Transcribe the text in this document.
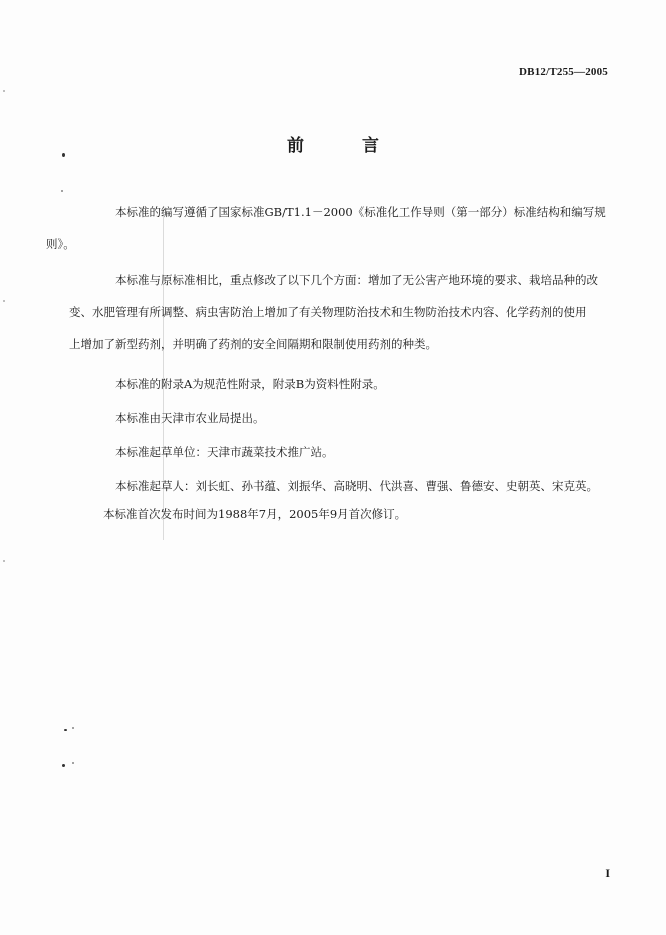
DB12/T255—2005
前 言

本标准的编写遵循了国家标准GB/T1.1－2000《标准化工作导则（第一部分）标准结构和编写规

则》。

本标准与原标准相比，重点修改了以下几个方面：增加了无公害产地环境的要求、栽培品种的改

变、水肥管理有所调整、病虫害防治上增加了有关物理防治技术和生物防治技术内容、化学药剂的使用

上增加了新型药剂，并明确了药剂的安全间隔期和限制使用药剂的种类。

本标准的附录A为规范性附录，附录B为资料性附录。

本标准由天津市农业局提出。

本标准起草单位：天津市蔬菜技术推广站。

本标准起草人：刘长虹、孙书蕴、刘振华、高晓明、代洪喜、曹强、鲁德安、史朝英、宋克英。

本标准首次发布时间为1988年7月，2005年9月首次修订。

I
